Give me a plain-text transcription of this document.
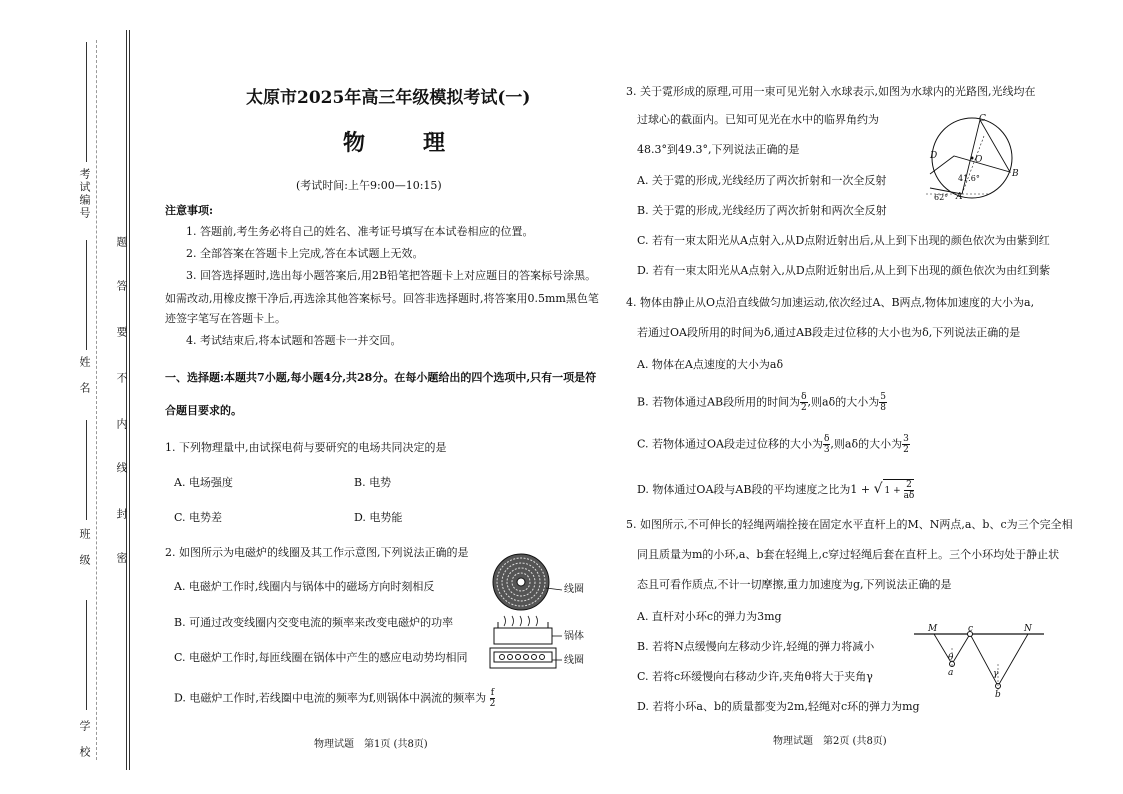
考试编号
姓　名
班　级
学　校
题
答
要
不
内
线
封
密
太原市2025年高三年级模拟考试(一)
物　理
(考试时间:上午9:00—10:15)
注意事项:
1. 答题前,考生务必将自己的姓名、准考证号填写在本试卷相应的位置。
2. 全部答案在答题卡上完成,答在本试题上无效。
3. 回答选择题时,选出每小题答案后,用2B铅笔把答题卡上对应题目的答案标号涂黑。
如需改动,用橡皮擦干净后,再选涂其他答案标号。回答非选择题时,将答案用0.5mm黑色笔
迹签字笔写在答题卡上。
4. 考试结束后,将本试题和答题卡一并交回。
一、选择题:本题共7小题,每小题4分,共28分。在每小题给出的四个选项中,只有一项是符
合题目要求的。
1. 下列物理量中,由试探电荷与要研究的电场共同决定的是
A. 电场强度	B. 电势
C. 电势差	D. 电势能
2. 如图所示为电磁炉的线圈及其工作示意图,下列说法正确的是
A. 电磁炉工作时,线圈内与锅体中的磁场方向时刻相反
B. 可通过改变线圈内交变电流的频率来改变电磁炉的功率
C. 电磁炉工作时,每匝线圈在锅体中产生的感应电动势均相同
D. 电磁炉工作时,若线圈中电流的频率为f,则锅体中涡流的频率为 $\frac{f}{2}$
线圈
锅体
线圈
物理试题　第1页 (共8页)
3. 关于霓形成的原理,可用一束可见光射入水球表示,如图为水球内的光路图,光线均在
过球心的截面内。已知可见光在水中的临界角约为
48.3°到49.3°,下列说法正确的是
A. 关于霓的形成,光线经历了两次折射和一次全反射
B. 关于霓的形成,光线经历了两次折射和两次全反射
C. 若有一束太阳光从A点射入,从D点附近射出后,从上到下出现的颜色依次为由紫到红
D. 若有一束太阳光从A点射入,从D点附近射出后,从上到下出现的颜色依次为由红到紫
C
D	O
B
A
41.6°
62°
4. 物体由静止从O点沿直线做匀加速运动,依次经过A、B两点,物体加速度的大小为a,
若通过OA段所用的时间为δ,通过AB段走过位移的大小也为δ,下列说法正确的是
A. 物体在A点速度的大小为aδ
B. 若物体通过AB段所用的时间为 $\frac{\delta}{2}$ ,则aδ的大小为 $\frac{5}{8}$
C. 若物体通过OA段走过位移的大小为 $\frac{\delta}{3}$ ,则aδ的大小为 $\frac{3}{2}$
D. 物体通过OA段与AB段的平均速度之比为1 + √ $1 + \frac{2}{a\delta}$
5. 如图所示,不可伸长的轻绳两端拴接在固定水平直杆上的M、N两点,a、b、c为三个完全相
同且质量为m的小环,a、b套在轻绳上,c穿过轻绳后套在直杆上。三个小环均处于静止状
态且可看作质点,不计一切摩擦,重力加速度为g,下列说法正确的是
A. 直杆对小环c的弹力为3mg
B. 若将N点缓慢向左移动少许,轻绳的弹力将减小
C. 若将c环缓慢向右移动少许,夹角θ将大于夹角γ
D. 若将小环a、b的质量都变为2m,轻绳对c环的弹力为mg
M	c	N
θ
γ
a
b
物理试题　第2页 (共8页)
